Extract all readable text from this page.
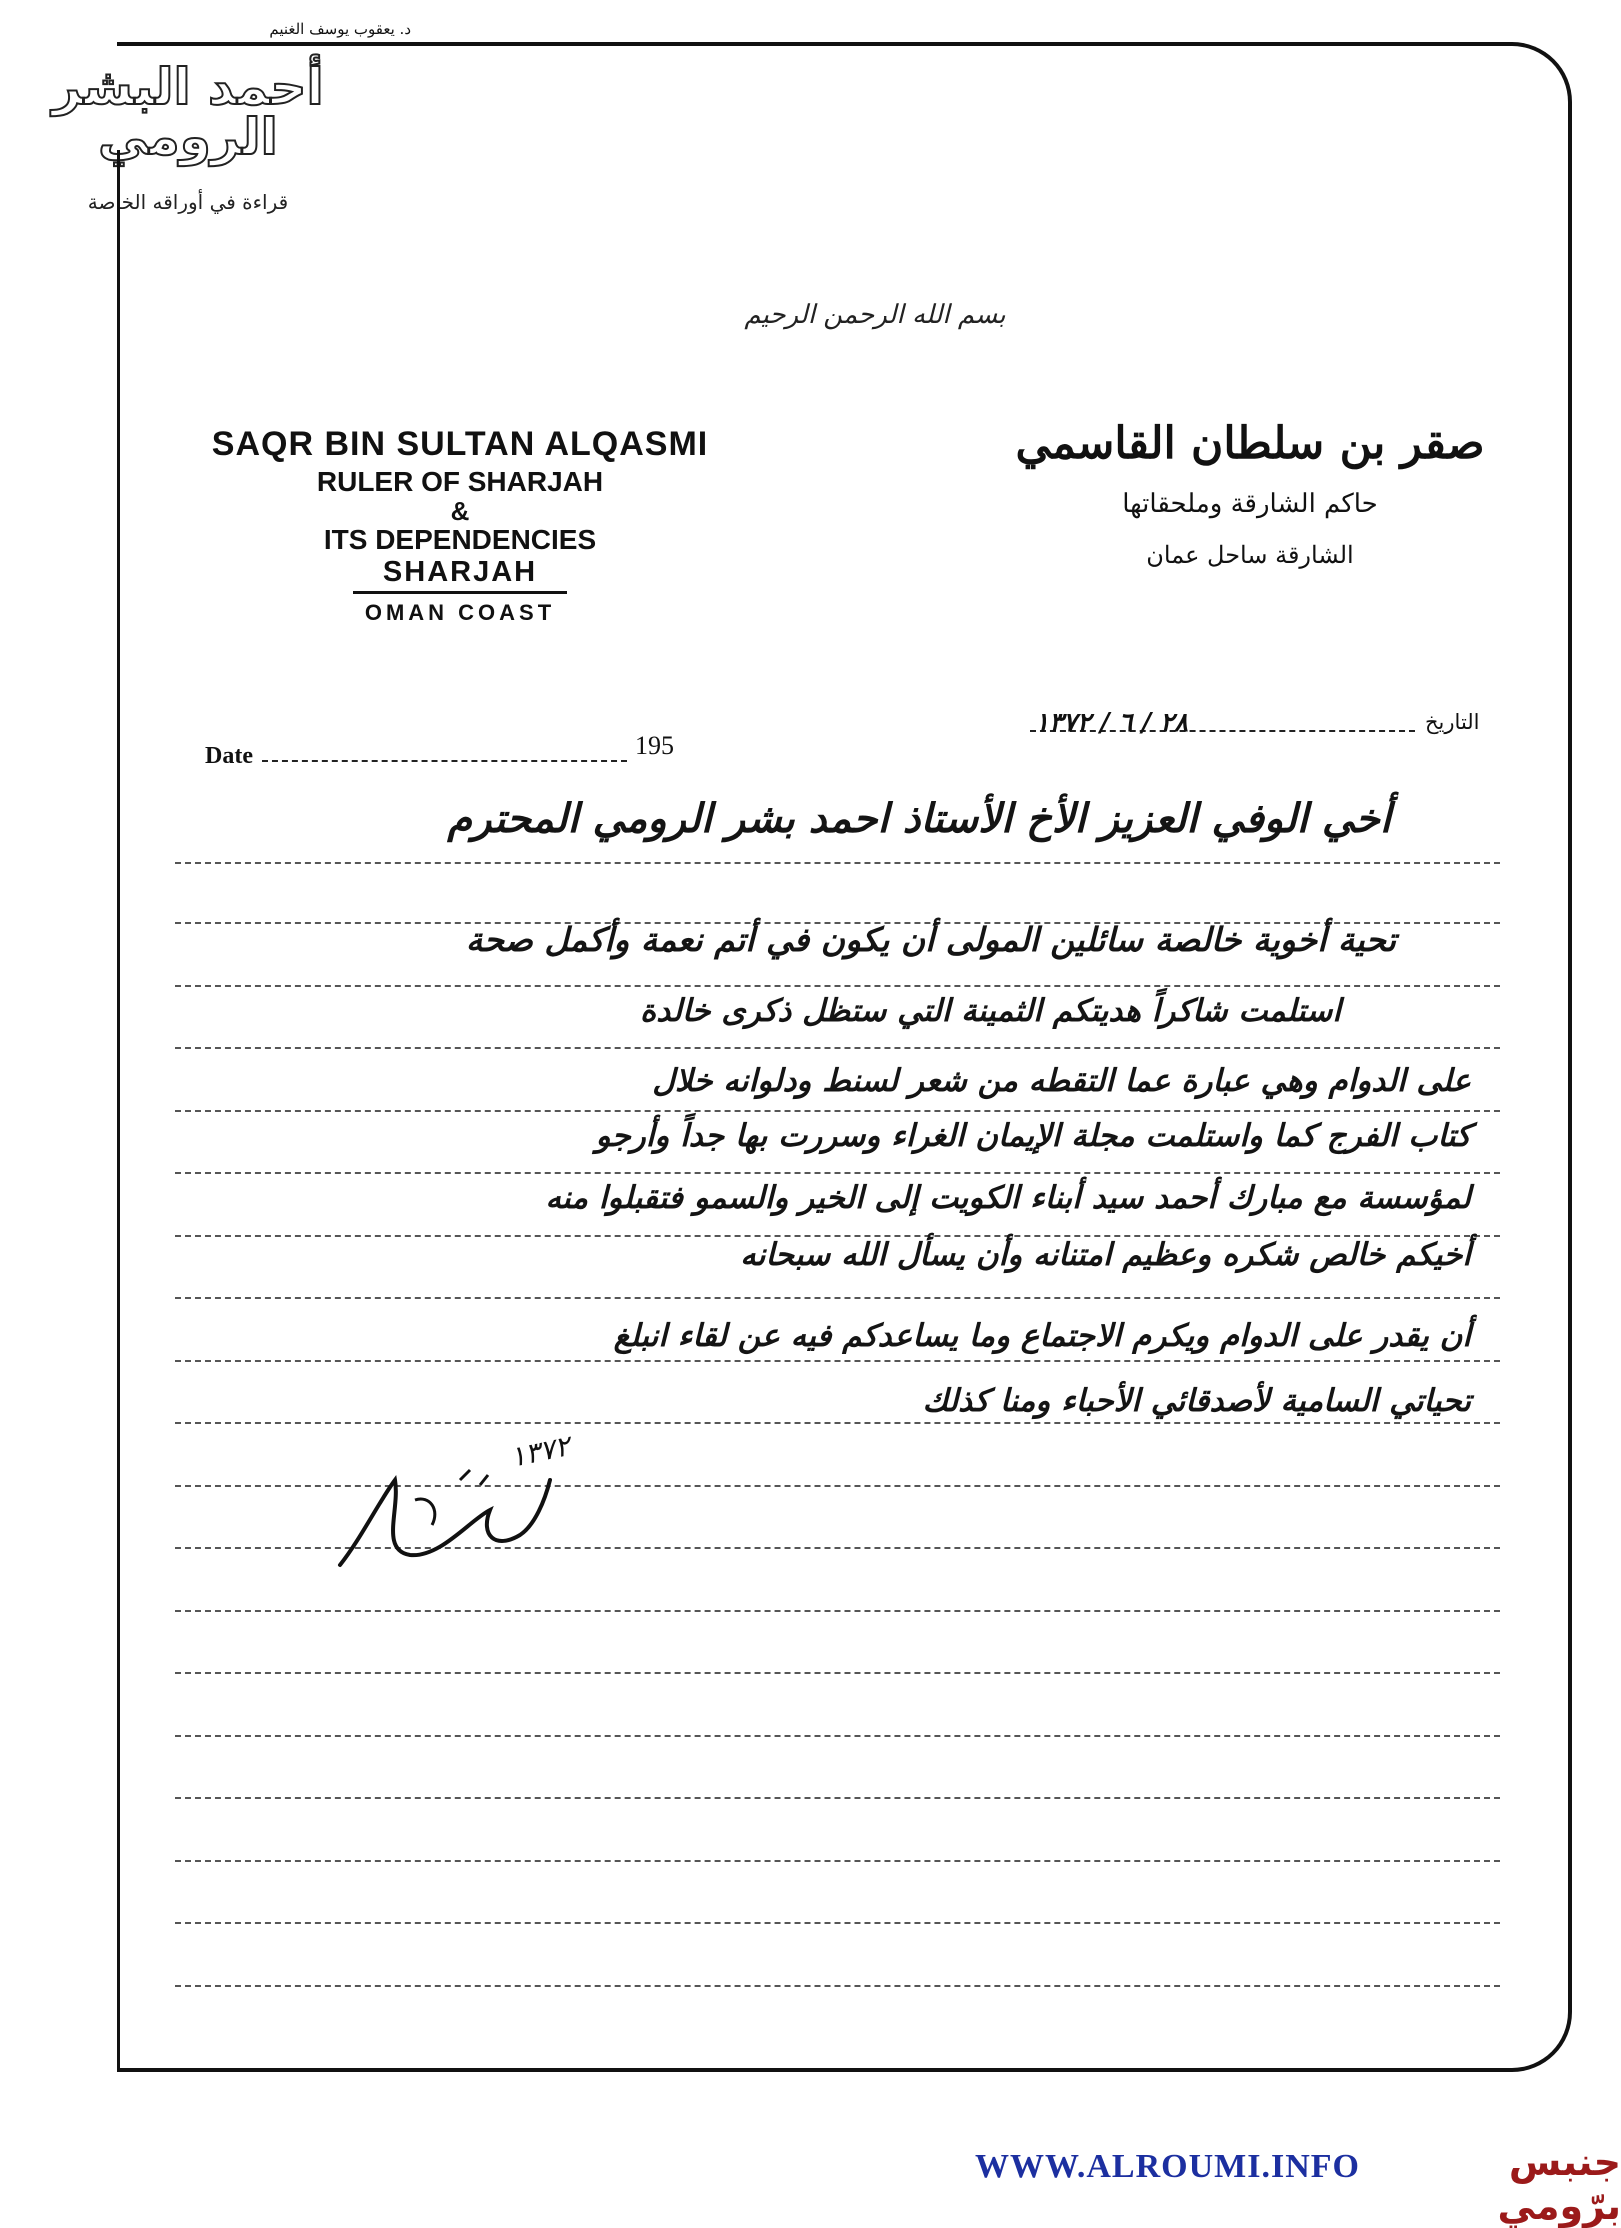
د. يعقوب يوسف الغنيم
أحمد البشر الرومي
قراءة في أوراقه الخاصة
بسم الله الرحمن الرحيم
SAQR BIN SULTAN ALQASMI
RULER OF SHARJAH
&
ITS DEPENDENCIES
SHARJAH
OMAN COAST
صقر بن سلطان القاسمي
حاكم الشارقة وملحقاتها
الشارقة ساحل عمان
Date	195
التاريخ
٢٨ / ٦ / ١٣٧٢
أخي الوفي العزيز الأخ الأستاذ احمد بشر الرومي المحترم
تحية أخوية خالصة سائلين المولى أن يكون في أتم نعمة وأكمل صحة
استلمت شاكراً هديتكم الثمينة التي ستظل ذكرى خالدة
على الدوام وهي عبارة عما التقطه من شعر لسنط ودلوانه خلال
كتاب الفرج كما واستلمت مجلة الإيمان الغراء وسررت بها جداً وأرجو
لمؤسسة مع مبارك أحمد سيد أبناء الكويت إلى الخير والسمو فتقبلوا منه
أخيكم خالص شكره وعظيم امتنانه وأن يسأل الله سبحانه
أن يقدر على الدوام ويكرم الاجتماع وما يساعدكم فيه عن لقاء انبلغ
تحياتي السامية لأصدقائي الأحباء ومنا كذلك
١٣٧٢
WWW.ALROUMI.INFO	جنبس برّومي
